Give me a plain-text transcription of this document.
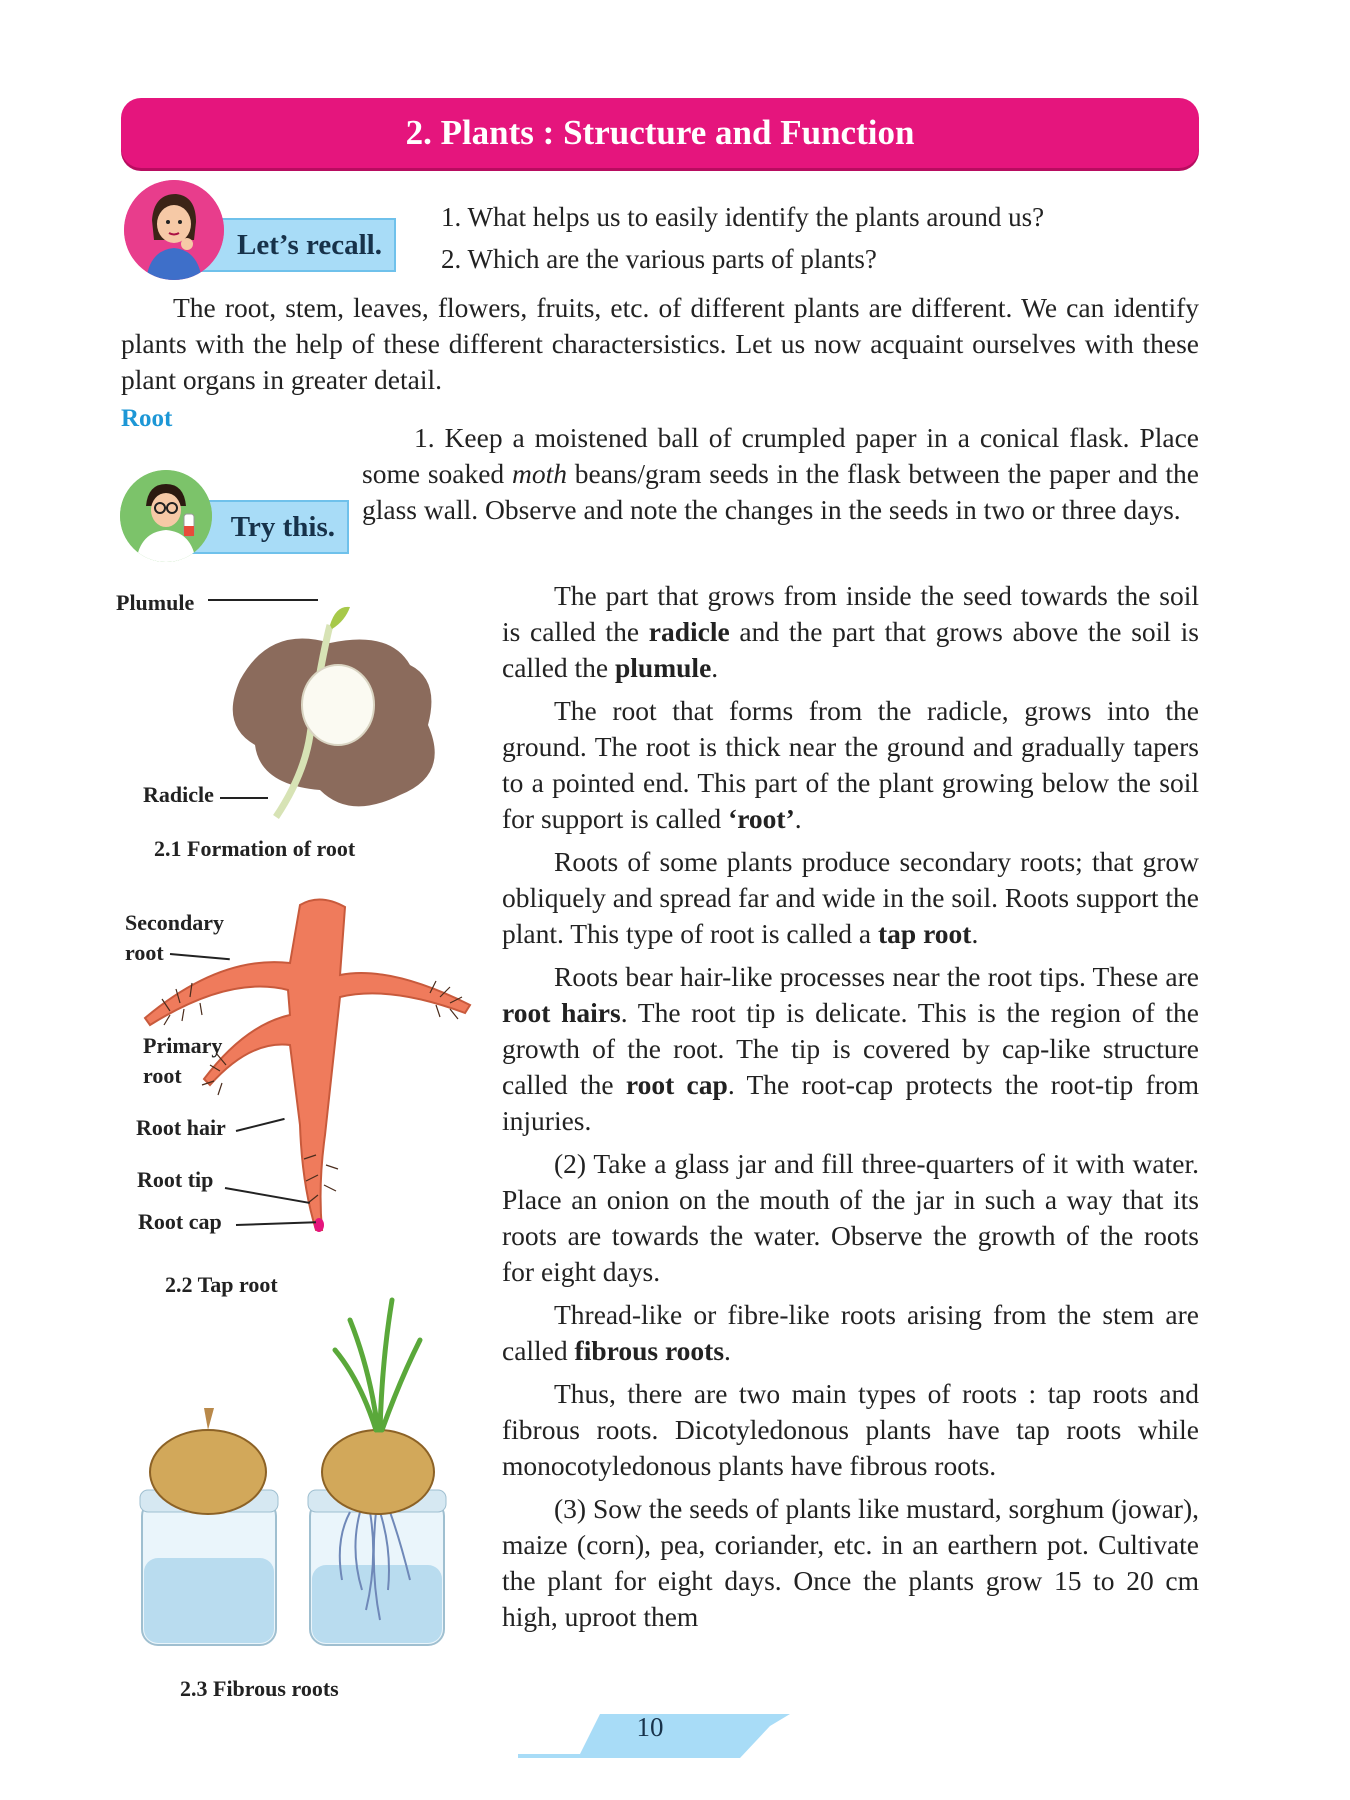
2. Plants : Structure and Function
Let’s recall.
1. What helps us to easily identify the plants around us?
2. Which are the various parts of plants?

The root, stem, leaves, flowers, fruits, etc. of different plants are different. We can identify plants with the help of these different charactersistics. Let us now acquaint ourselves with these plant organs in greater detail.

Root
Try this.

1. Keep a moistened ball of crumpled paper in a conical flask. Place some soaked moth beans/gram seeds in the flask between the paper and the glass wall. Observe and note the changes in the seeds in two or three days.

The part that grows from inside the seed towards the soil is called the radicle and the part that grows above the soil is called the plumule.

The root that forms from the radicle, grows into the ground. The root is thick near the ground and gradually tapers to a pointed end. This part of the plant growing below the soil for support is called ‘root’.

Roots of some plants produce secondary roots; that grow obliquely and spread far and wide in the soil. Roots support the plant. This type of root is called a tap root.

Roots bear hair-like processes near the root tips. These are root hairs. The root tip is delicate. This is the region of the growth of the root. The tip is covered by cap-like structure called the root cap. The root-cap protects the root-tip from injuries.

(2) Take a glass jar and fill three-quarters of it with water. Place an onion on the mouth of the jar in such a way that its roots are towards the water. Observe the growth of the roots for eight days.

Thread-like or fibre-like roots arising from the stem are called fibrous roots.

Thus, there are two main types of roots : tap roots and fibrous roots. Dicotyledonous plants have tap roots while monocotyledonous plants have fibrous roots.

(3) Sow the seeds of plants like mustard, sorghum (jowar), maize (corn), pea, coriander, etc. in an earthern pot. Cultivate the plant for eight days. Once the plants grow 15 to 20 cm high, uproot them

Plumule
Radicle
2.1 Formation of root
Secondary
root
Primary
root
Root hair
Root tip
Root cap
2.2 Tap root
2.3 Fibrous roots
10
